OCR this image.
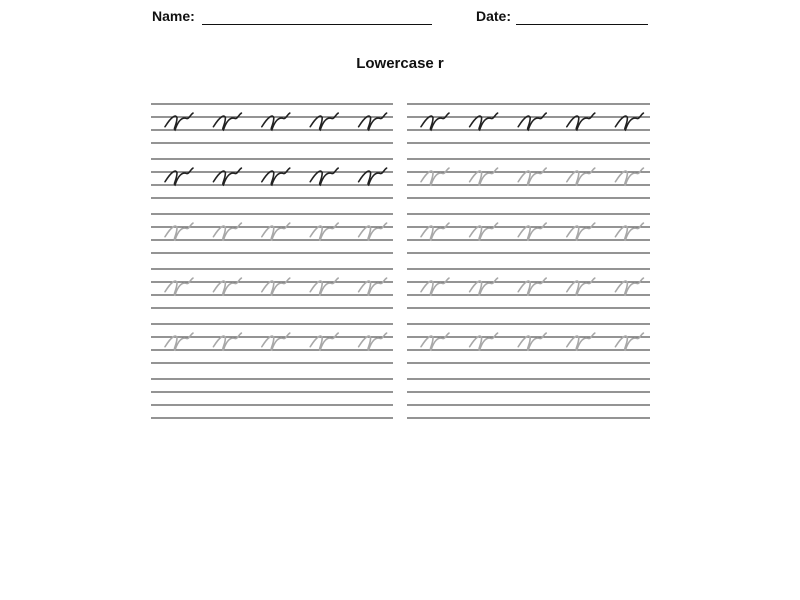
Name:	Date:
Lowercase r
